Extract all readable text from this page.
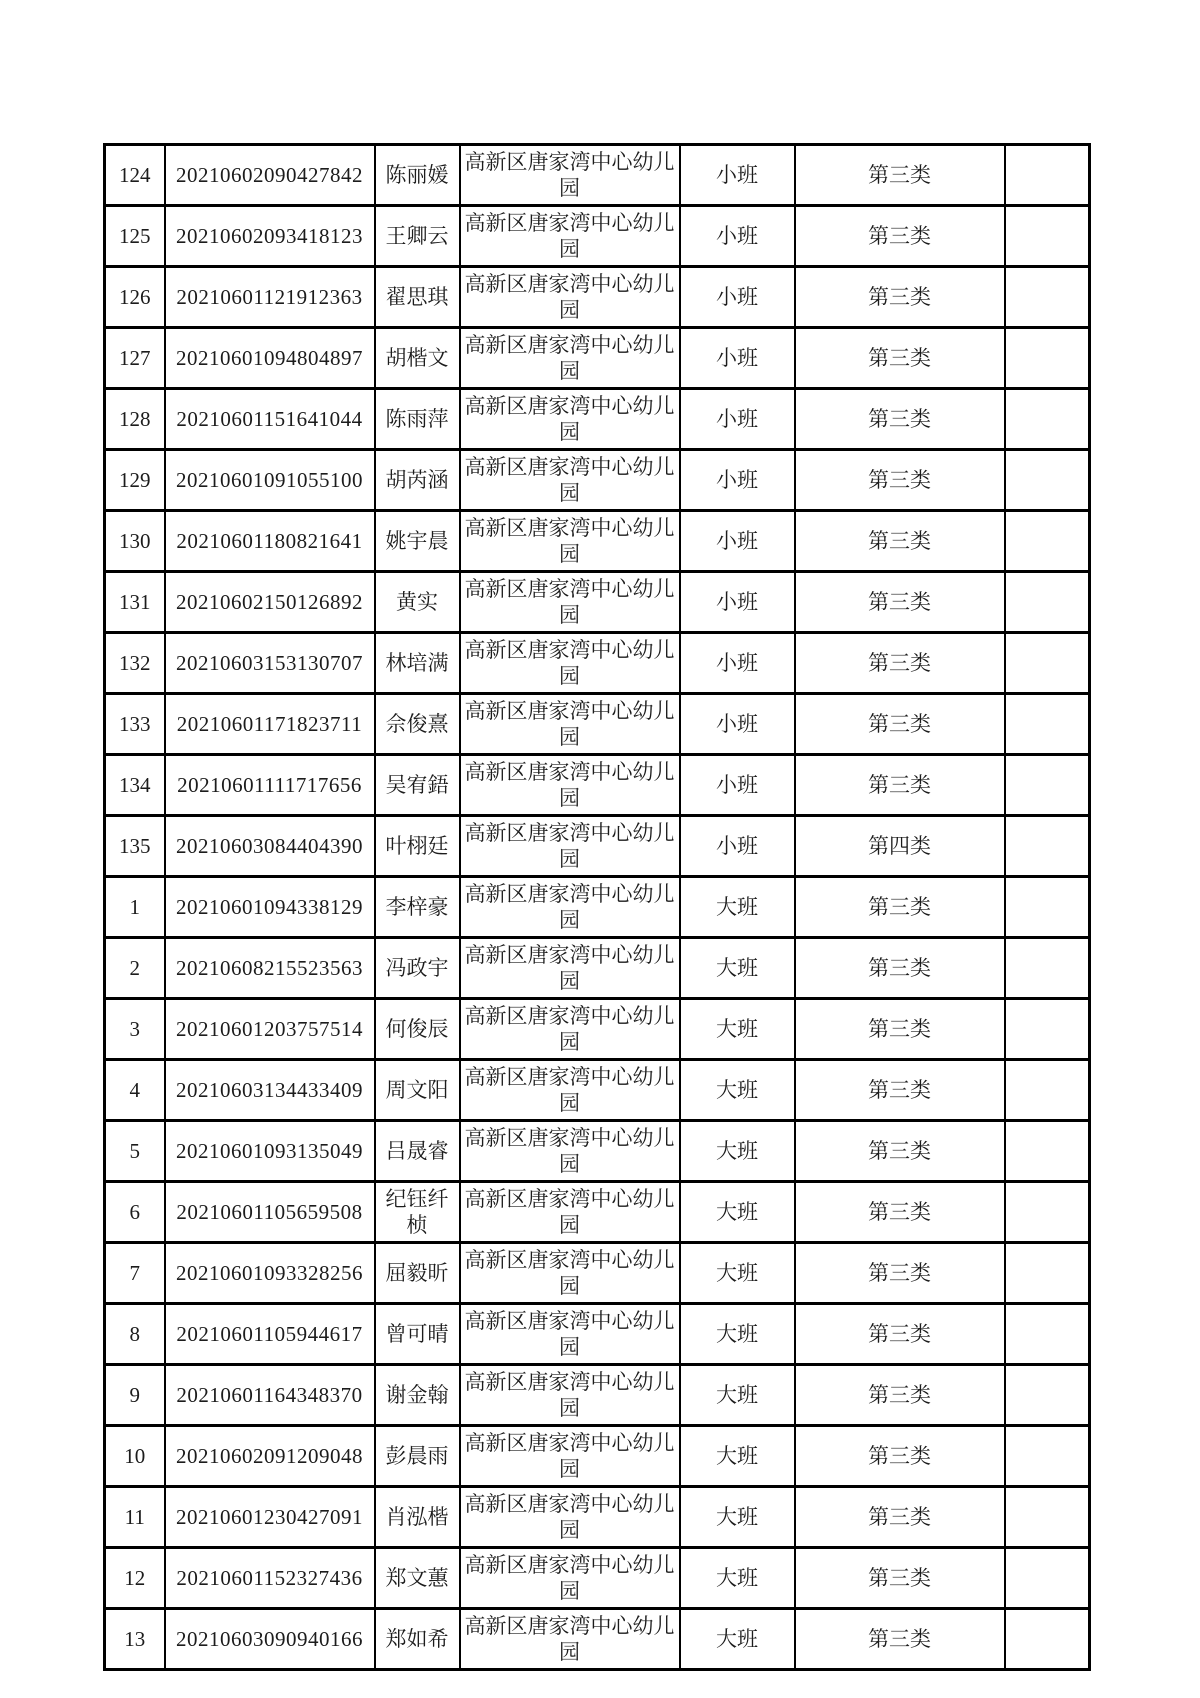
124	20210602090427842	陈丽媛	高新区唐家湾中心幼儿园	小班	第三类	
125	20210602093418123	王卿云	高新区唐家湾中心幼儿园	小班	第三类	
126	20210601121912363	翟思琪	高新区唐家湾中心幼儿园	小班	第三类	
127	20210601094804897	胡楷文	高新区唐家湾中心幼儿园	小班	第三类	
128	20210601151641044	陈雨萍	高新区唐家湾中心幼儿园	小班	第三类	
129	20210601091055100	胡芮涵	高新区唐家湾中心幼儿园	小班	第三类	
130	20210601180821641	姚宇晨	高新区唐家湾中心幼儿园	小班	第三类	
131	20210602150126892	黄实	高新区唐家湾中心幼儿园	小班	第三类	
132	20210603153130707	林培满	高新区唐家湾中心幼儿园	小班	第三类	
133	20210601171823711	佘俊熹	高新区唐家湾中心幼儿园	小班	第三类	
134	20210601111717656	吴宥鋙	高新区唐家湾中心幼儿园	小班	第三类	
135	20210603084404390	叶栩廷	高新区唐家湾中心幼儿园	小班	第四类	
1	20210601094338129	李梓豪	高新区唐家湾中心幼儿园	大班	第三类	
2	20210608215523563	冯政宇	高新区唐家湾中心幼儿园	大班	第三类	
3	20210601203757514	何俊辰	高新区唐家湾中心幼儿园	大班	第三类	
4	20210603134433409	周文阳	高新区唐家湾中心幼儿园	大班	第三类	
5	20210601093135049	吕晟睿	高新区唐家湾中心幼儿园	大班	第三类	
6	20210601105659508	纪钰纤桢	高新区唐家湾中心幼儿园	大班	第三类	
7	20210601093328256	屈毅昕	高新区唐家湾中心幼儿园	大班	第三类	
8	20210601105944617	曾可晴	高新区唐家湾中心幼儿园	大班	第三类	
9	20210601164348370	谢金翰	高新区唐家湾中心幼儿园	大班	第三类	
10	20210602091209048	彭晨雨	高新区唐家湾中心幼儿园	大班	第三类	
11	20210601230427091	肖泓楷	高新区唐家湾中心幼儿园	大班	第三类	
12	20210601152327436	郑文蕙	高新区唐家湾中心幼儿园	大班	第三类	
13	20210603090940166	郑如希	高新区唐家湾中心幼儿园	大班	第三类	
